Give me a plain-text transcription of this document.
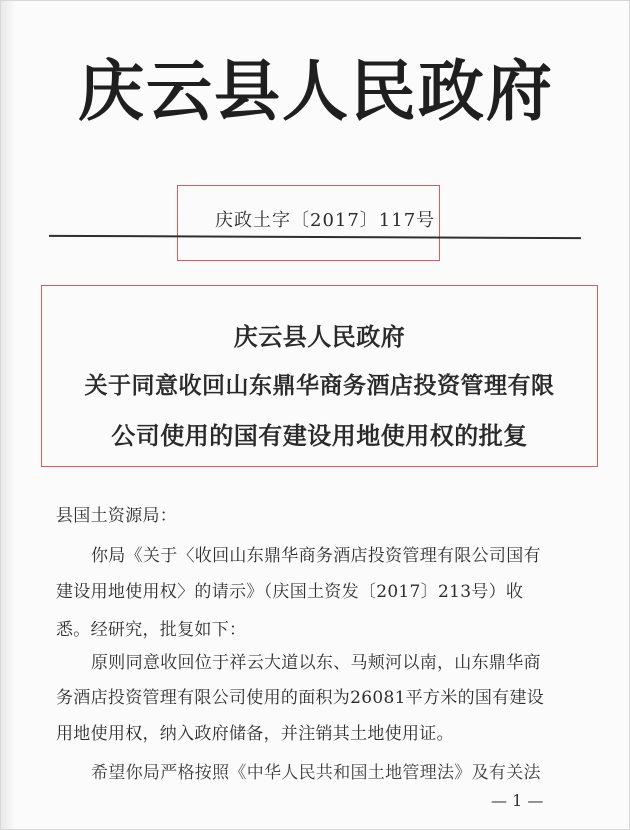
庆云县人民政府
庆政土字〔2017〕117号
庆云县人民政府
关于同意收回山东鼎华商务酒店投资管理有限
公司使用的国有建设用地使用权的批复
县国土资源局：
你局《关于〈收回山东鼎华商务酒店投资管理有限公司国有
建设用地使用权〉的请示》（庆国土资发〔2017〕213号）收
悉。经研究，批复如下：
原则同意收回位于祥云大道以东、马颊河以南，山东鼎华商
务酒店投资管理有限公司使用的面积为26081平方米的国有建设
用地使用权，纳入政府储备，并注销其土地使用证。
希望你局严格按照《中华人民共和国土地管理法》及有关法
— 1 —
